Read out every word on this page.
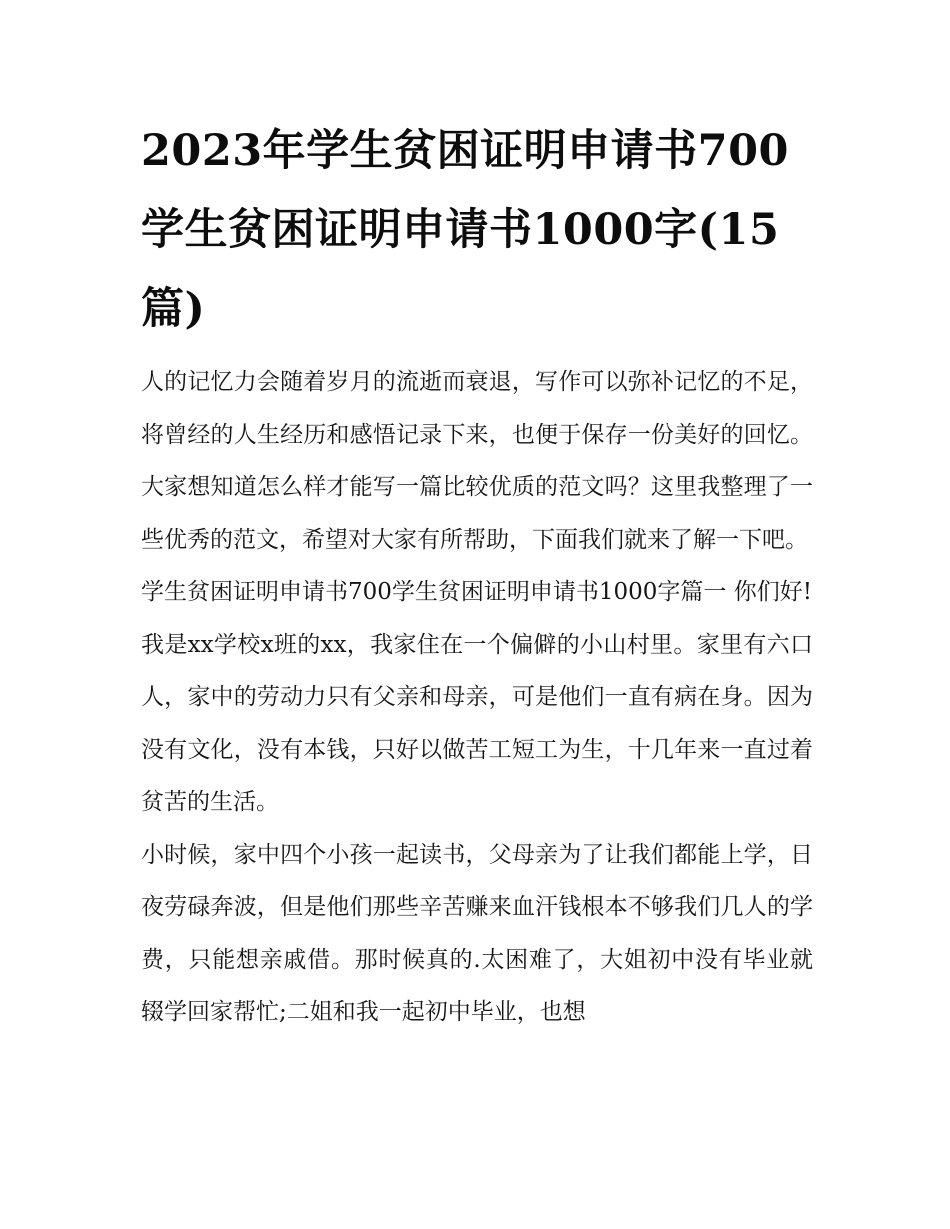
2023年学生贫困证明申请书700学生贫困证明申请书1000字(15篇)

人的记忆力会随着岁月的流逝而衰退，写作可以弥补记忆的不足，将曾经的人生经历和感悟记录下来，也便于保存一份美好的回忆。大家想知道怎么样才能写一篇比较优质的范文吗？这里我整理了一些优秀的范文，希望对大家有所帮助，下面我们就来了解一下吧。

学生贫困证明申请书700学生贫困证明申请书1000字篇一 你们好!

我是xx学校x班的xx，我家住在一个偏僻的小山村里。家里有六口人，家中的劳动力只有父亲和母亲，可是他们一直有病在身。因为没有文化，没有本钱，只好以做苦工短工为生，十几年来一直过着贫苦的生活。

小时候，家中四个小孩一起读书，父母亲为了让我们都能上学，日夜劳碌奔波，但是他们那些辛苦赚来血汗钱根本不够我们几人的学费，只能想亲戚借。那时候真的.太困难了，大姐初中没有毕业就辍学回家帮忙;二姐和我一起初中毕业，也想
